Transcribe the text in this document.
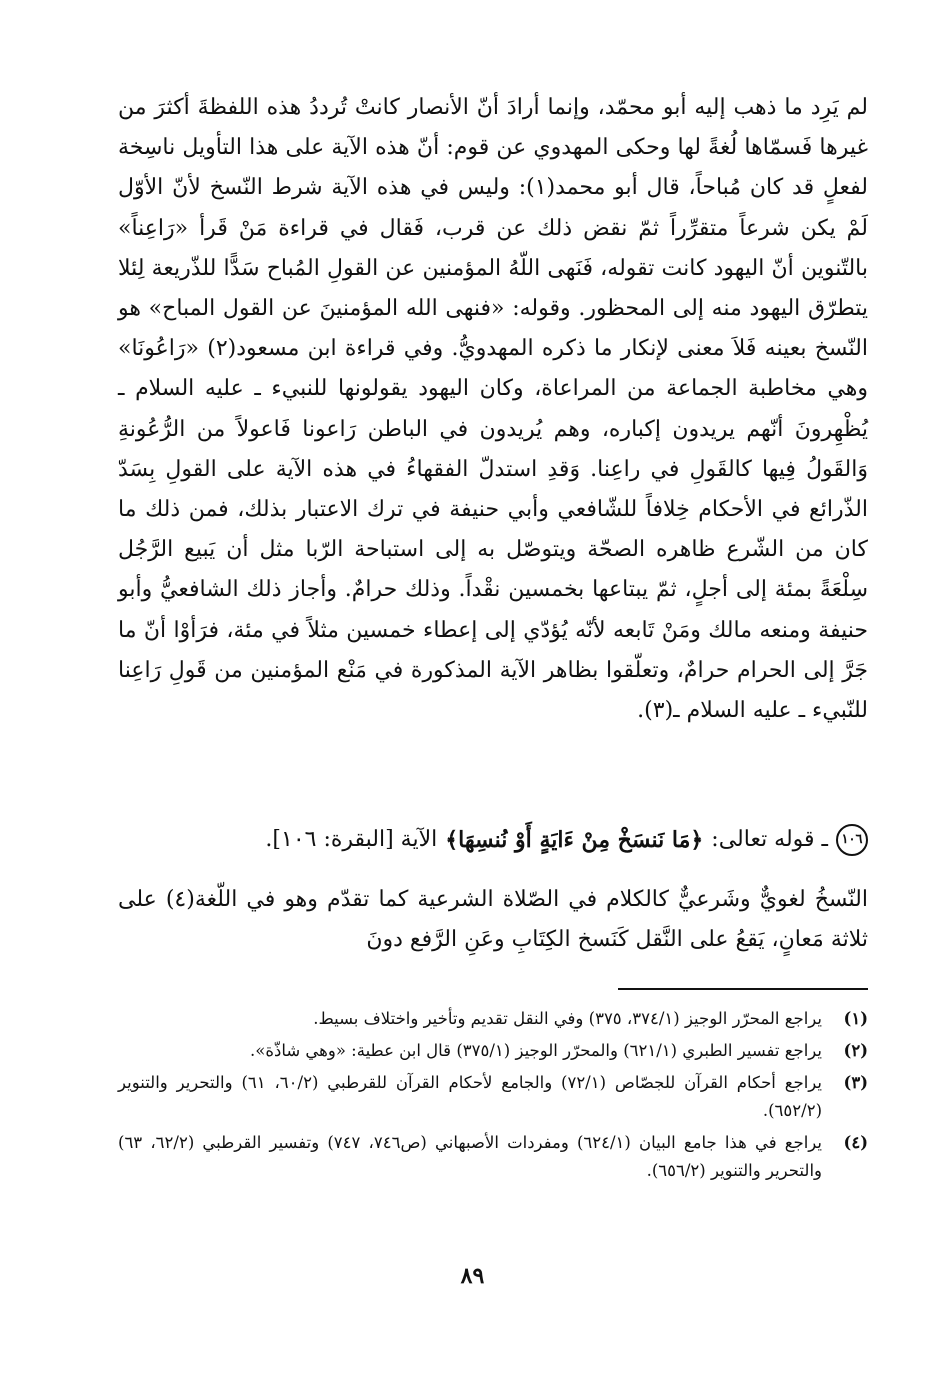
لم يَرِد ما ذهب إليه أبو محمّد، وإنما أرادَ أنّ الأنصار كانتْ تُرددُ هذه اللفظةَ أكثرَ من غيرها فَسمّاها لُغةً لها وحكى المهدوي عن قوم: أنّ هذه الآية على هذا التأويل ناسِخة لفعلٍ قد كان مُباحاً، قال أبو محمد(١): وليس في هذه الآية شرط النّسخ لأنّ الأوّل لَمْ يكن شرعاً متقرِّراً ثمّ نقض ذلك عن قرب، فَقال في قراءة مَنْ قَرأ «رَاعِناً» بالتّنوين أنّ اليهود كانت تقوله، فَنَهى اللّهُ المؤمنين عن القولِ المُباح سَدًّا للذّريعة لِئلا يتطرّق اليهود منه إلى المحظور. وقوله: «فنهى الله المؤمنينَ عن القول المباح» هو النّسخ بعينه فَلاَ معنى لإنكار ما ذكره المهدويُّ. وفي قراءة ابن مسعود(٢) «رَاعُونَا» وهي مخاطبة الجماعة من المراعاة، وكان اليهود يقولونها للنبيء ـ عليه السلام ـ يُظْهِرونَ أنّهم يريدون إكباره، وهم يُريدون في الباطن رَاعونا فَاعولاً من الرُّعُونةِ وَالقَولُ فِيها كالقَولِ في راعِنا. وَقدِ استدلّ الفقهاءُ في هذه الآية على القولِ بِسَدّ الذّرائع في الأحكام خِلافاً للشّافعي وأبي حنيفة في ترك الاعتبار بذلك، فمن ذلك ما كان من الشّرع ظاهره الصحّة ويتوصّل به إلى استباحة الرّبا مثل أن يَبيع الرَّجُل سِلْعَةً بمئة إلى أجلٍ، ثمّ يبتاعها بخمسين نقْداً. وذلك حرامٌ. وأجاز ذلك الشافعيُّ وأبو حنيفة ومنعه مالك ومَنْ تَابعه لأنّه يُؤدّي إلى إعطاء خمسين مثلاً في مئة، فرَأوْا أنّ ما جَرَّ إلى الحرام حرامٌ، وتعلّقوا بظاهر الآية المذكورة في مَنْع المؤمنين من قَولِ رَاعِنا للنّبيء ـ عليه السلام ـ(٣).

١٠٦
ـ قوله تعالى:
﴿مَا نَنسَخْ مِنْ ءَايَةٍ أَوْ نُنسِهَا﴾
الآية [البقرة: ١٠٦].
النّسخُ لغويٌّ وشَرعيٌّ كالكلام في الصّلاة الشرعية كما تقدّم وهو في اللّغة(٤) على ثلاثة مَعانٍ، يَقعُ على النَّقل كَنَسخ الكِتَابِ وعَنِ الرَّفع دونَ
(١)
يراجع المحرّر الوجيز (٣٧٤/١، ٣٧٥) وفي النقل تقديم وتأخير واختلاف بسيط.
(٢)
يراجع تفسير الطبري (٦٢١/١) والمحرّر الوجيز (٣٧٥/١) قال ابن عطية: «وهي شاذّة».
(٣)
يراجع أحكام القرآن للجصّاص (٧٢/١) والجامع لأحكام القرآن للقرطبي (٦٠/٢، ٦١) والتحرير والتنوير (٦٥٢/٢).
(٤)
يراجع في هذا جامع البيان (٦٢٤/١) ومفردات الأصبهاني (ص٧٤٦، ٧٤٧) وتفسير القرطبي (٦٢/٢، ٦٣) والتحرير والتنوير (٦٥٦/٢).
٨٩
